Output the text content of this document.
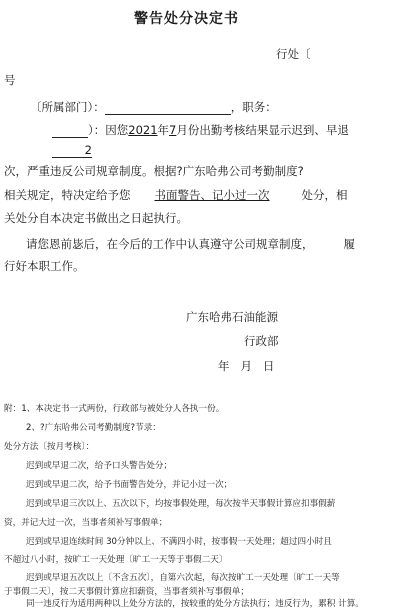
警告处分决定书
行处〔
号
〔所属部门）：	，职务：
）：因您2021年7月份出勤考核结果显示迟到、早退
2
次，严重违反公司规章制度。根据?广东哈弗公司考勤制度?
相关规定，特决定给予您 书面警告、记小过一次	处分，相
关处分自本决定书做出之日起执行。
请您恩前毖后，在今后的工作中认真遵守公司规章制度，	履
行好本职工作。
广东哈弗石油能源
行政部
年   月   日
附：1、本决定书一式两份，行政部与被处分人各执一份。
2、?广东哈弗公司考勤制度?节录：
处分方法〔按月考核〕：
迟到或早退二次，给予口头警告处分；
迟到或早退二次，给予书面警告处分，并记小过一次；
迟到或早退三次以上、五次以下，均按事假处理，每次按半天事假计算应扣事假薪
资，并记大过一次，当事者须补写事假单；
迟到或早退连续时间 30分钟以上、不满四小时，按事假一天处理；超过四小时且
不超过八小时，按旷工一天处理〔旷工一天等于事假二天〕
迟到或早退五次以上〔不含五次〕，自第六次起，每次按旷工一天处理〔旷工一天等
于事假二天〕，按二天事假计算应扣薪资，当事者须补写事假单；
同一违反行为适用两种以上处分方法的，按较重的处分方法执行；违反行为，累积 计算。
